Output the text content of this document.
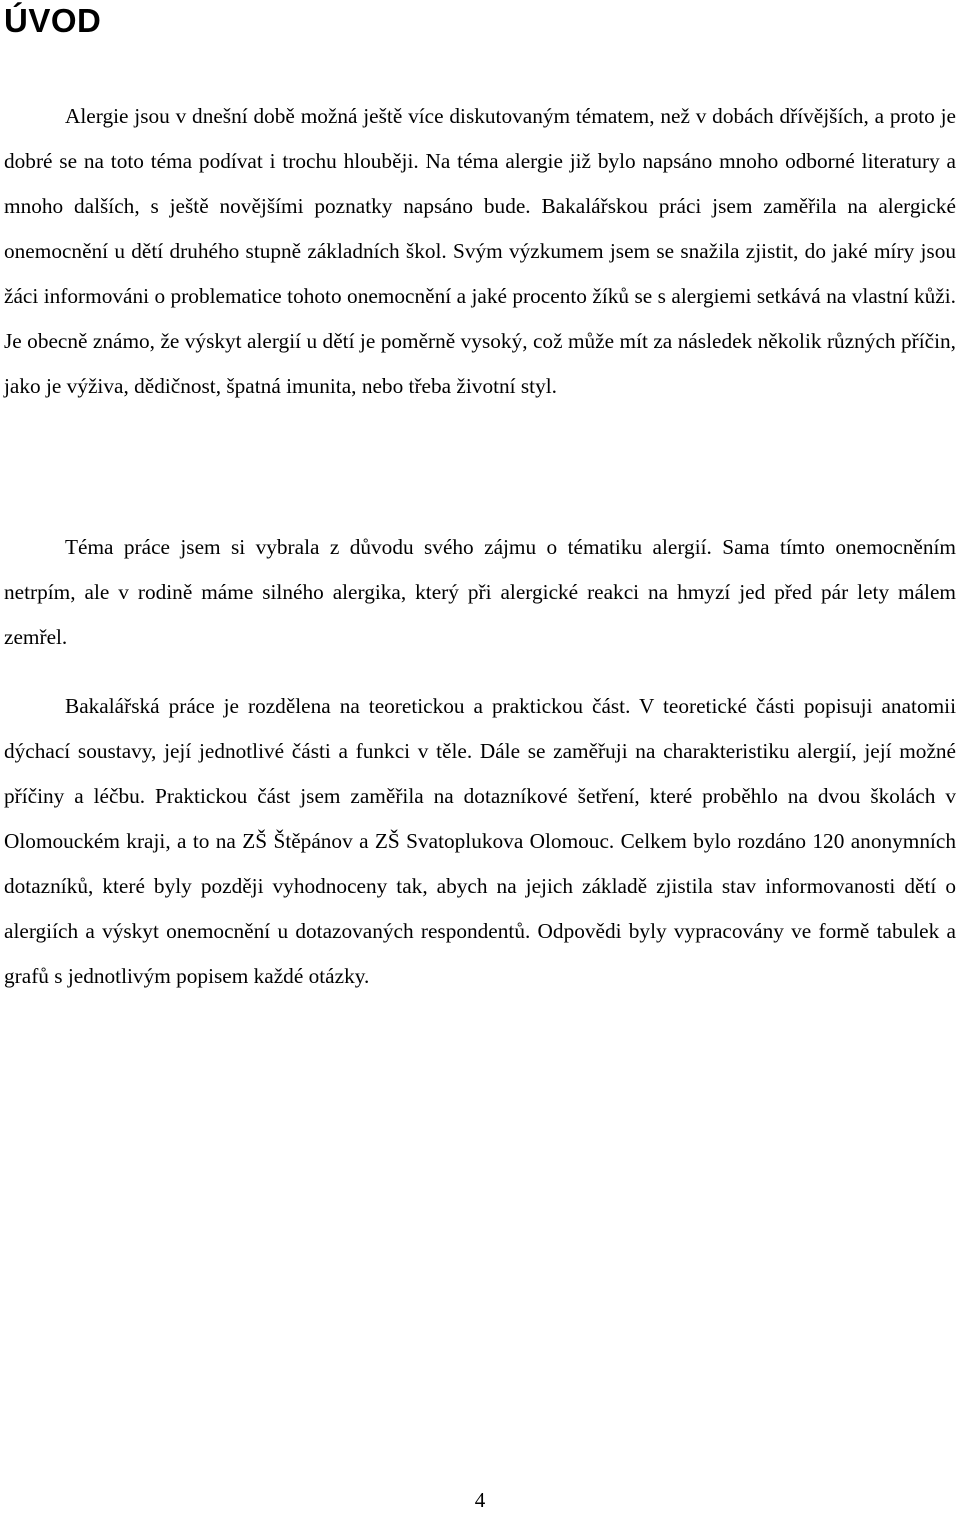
ÚVOD

Alergie jsou v dnešní době možná ještě více diskutovaným tématem, než v dobách dřívějších, a proto je dobré se na toto téma podívat i trochu hlouběji. Na téma alergie již bylo napsáno mnoho odborné literatury a mnoho dalších, s ještě novějšími poznatky napsáno bude. Bakalářskou práci jsem zaměřila na alergické onemocnění u dětí druhého stupně základních škol. Svým výzkumem jsem se snažila zjistit, do jaké míry jsou žáci informováni o problematice tohoto onemocnění a jaké procento žíků se s alergiemi setkává na vlastní kůži. Je obecně známo, že výskyt alergií u dětí je poměrně vysoký, což může mít za následek několik různých příčin, jako je výživa, dědičnost, špatná imunita, nebo třeba životní styl.

Téma práce jsem si vybrala z důvodu svého zájmu o tématiku alergií. Sama tímto onemocněním netrpím, ale v rodině máme silného alergika, který při alergické reakci na hmyzí jed před pár lety málem zemřel.

Bakalářská práce je rozdělena na teoretickou a praktickou část. V teoretické části popisuji anatomii dýchací soustavy, její jednotlivé části a funkci v těle. Dále se zaměřuji na charakteristiku alergií, její možné příčiny a léčbu. Praktickou část jsem zaměřila na dotazníkové šetření, které proběhlo na dvou školách v Olomouckém kraji, a to na ZŠ Štěpánov a ZŠ Svatoplukova Olomouc. Celkem bylo rozdáno 120 anonymních dotazníků, které byly později vyhodnoceny tak, abych na jejich základě zjistila stav informovanosti dětí o alergiích a výskyt onemocnění u dotazovaných respondentů. Odpovědi byly vypracovány ve formě tabulek a grafů s jednotlivým popisem každé otázky.

4
